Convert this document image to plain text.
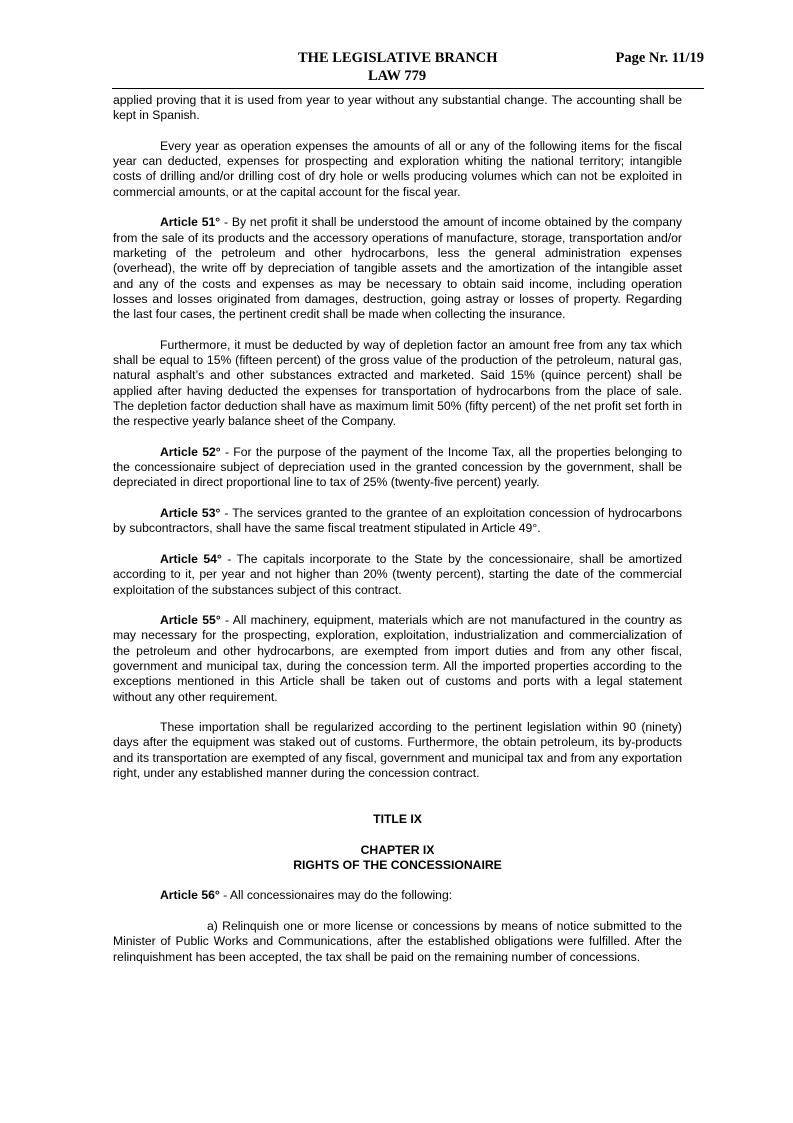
THE LEGISLATIVE BRANCH
LAW 779
Page Nr. 11/19

applied proving that it is used from year to year without any substantial change. The accounting shall be kept in Spanish.

Every year as operation expenses the amounts of all or any of the following items for the fiscal year can deducted, expenses for prospecting and exploration whiting the national territory; intangible costs of drilling and/or drilling cost of dry hole or wells producing volumes which can not be exploited in commercial amounts, or at the capital account for the fiscal year.

Article 51° - By net profit it shall be understood the amount of income obtained by the company from the sale of its products and the accessory operations of manufacture, storage, transportation and/or marketing of the petroleum and other hydrocarbons, less the general administration expenses (overhead), the write off by depreciation of tangible assets and the amortization of the intangible asset and any of the costs and expenses as may be necessary to obtain said income, including operation losses and losses originated from damages, destruction, going astray or losses of property. Regarding the last four cases, the pertinent credit shall be made when collecting the insurance.

Furthermore, it must be deducted by way of depletion factor an amount free from any tax which shall be equal to 15% (fifteen percent) of the gross value of the production of the petroleum, natural gas, natural asphalt’s and other substances extracted and marketed. Said 15% (quince percent) shall be applied after having deducted the expenses for transportation of hydrocarbons from the place of sale. The depletion factor deduction shall have as maximum limit 50% (fifty percent) of the net profit set forth in the respective yearly balance sheet of the Company.

Article 52° - For the purpose of the payment of the Income Tax, all the properties belonging to the concessionaire subject of depreciation used in the granted concession by the government, shall be depreciated in direct proportional line to tax of 25% (twenty-five percent) yearly.

Article 53° - The services granted to the grantee of an exploitation concession of hydrocarbons by subcontractors, shall have the same fiscal treatment stipulated in Article 49°.

Article 54° - The capitals incorporate to the State by the concessionaire, shall be amortized according to it, per year and not higher than 20% (twenty percent), starting the date of the commercial exploitation of the substances subject of this contract.

Article 55° - All machinery, equipment, materials which are not manufactured in the country as may necessary for the prospecting, exploration, exploitation, industrialization and commercialization of the petroleum and other hydrocarbons, are exempted from import duties and from any other fiscal, government and municipal tax, during the concession term. All the imported properties according to the exceptions mentioned in this Article shall be taken out of customs and ports with a legal statement without any other requirement.

These importation shall be regularized according to the pertinent legislation within 90 (ninety) days after the equipment was staked out of customs. Furthermore, the obtain petroleum, its by-products and its transportation are exempted of any fiscal, government and municipal tax and from any exportation right, under any established manner during the concession contract.

TITLE IX

CHAPTER IX

RIGHTS OF THE CONCESSIONAIRE

Article 56° - All concessionaires may do the following:

a) Relinquish one or more license or concessions by means of notice submitted to the Minister of Public Works and Communications, after the established obligations were fulfilled. After the relinquishment has been accepted, the tax shall be paid on the remaining number of concessions.
